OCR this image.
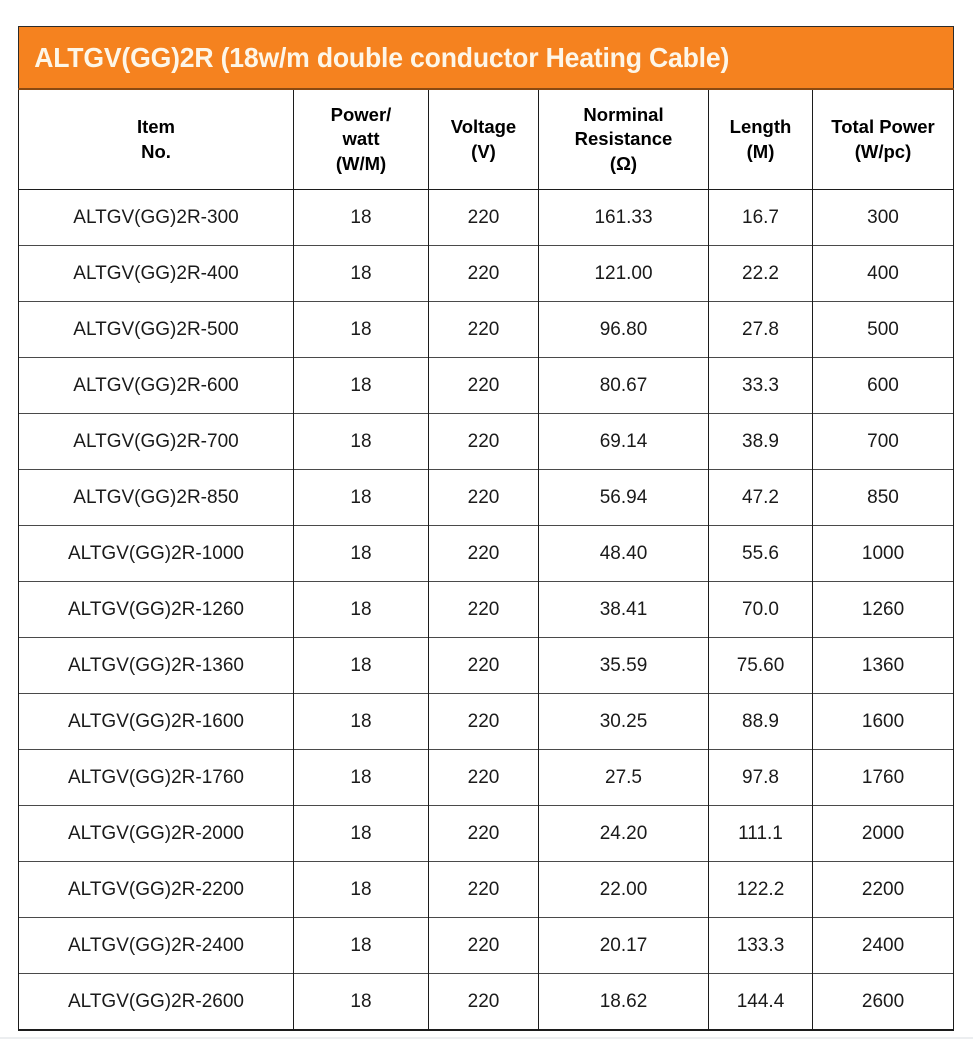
ALTGV(GG)2R (18w/m double conductor Heating Cable)					

Item
No.	Power/
watt
(W/M)	Voltage
(V)	Norminal
Resistance
(Ω)	Length
(M)	Total Power
(W/pc)

ALTGV(GG)2R-300	18	220	161.33	16.7	300
ALTGV(GG)2R-400	18	220	121.00	22.2	400
ALTGV(GG)2R-500	18	220	96.80	27.8	500
ALTGV(GG)2R-600	18	220	80.67	33.3	600
ALTGV(GG)2R-700	18	220	69.14	38.9	700
ALTGV(GG)2R-850	18	220	56.94	47.2	850
ALTGV(GG)2R-1000	18	220	48.40	55.6	1000
ALTGV(GG)2R-1260	18	220	38.41	70.0	1260
ALTGV(GG)2R-1360	18	220	35.59	75.60	1360
ALTGV(GG)2R-1600	18	220	30.25	88.9	1600
ALTGV(GG)2R-1760	18	220	27.5	97.8	1760
ALTGV(GG)2R-2000	18	220	24.20	111.1	2000
ALTGV(GG)2R-2200	18	220	22.00	122.2	2200
ALTGV(GG)2R-2400	18	220	20.17	133.3	2400
ALTGV(GG)2R-2600	18	220	18.62	144.4	2600
